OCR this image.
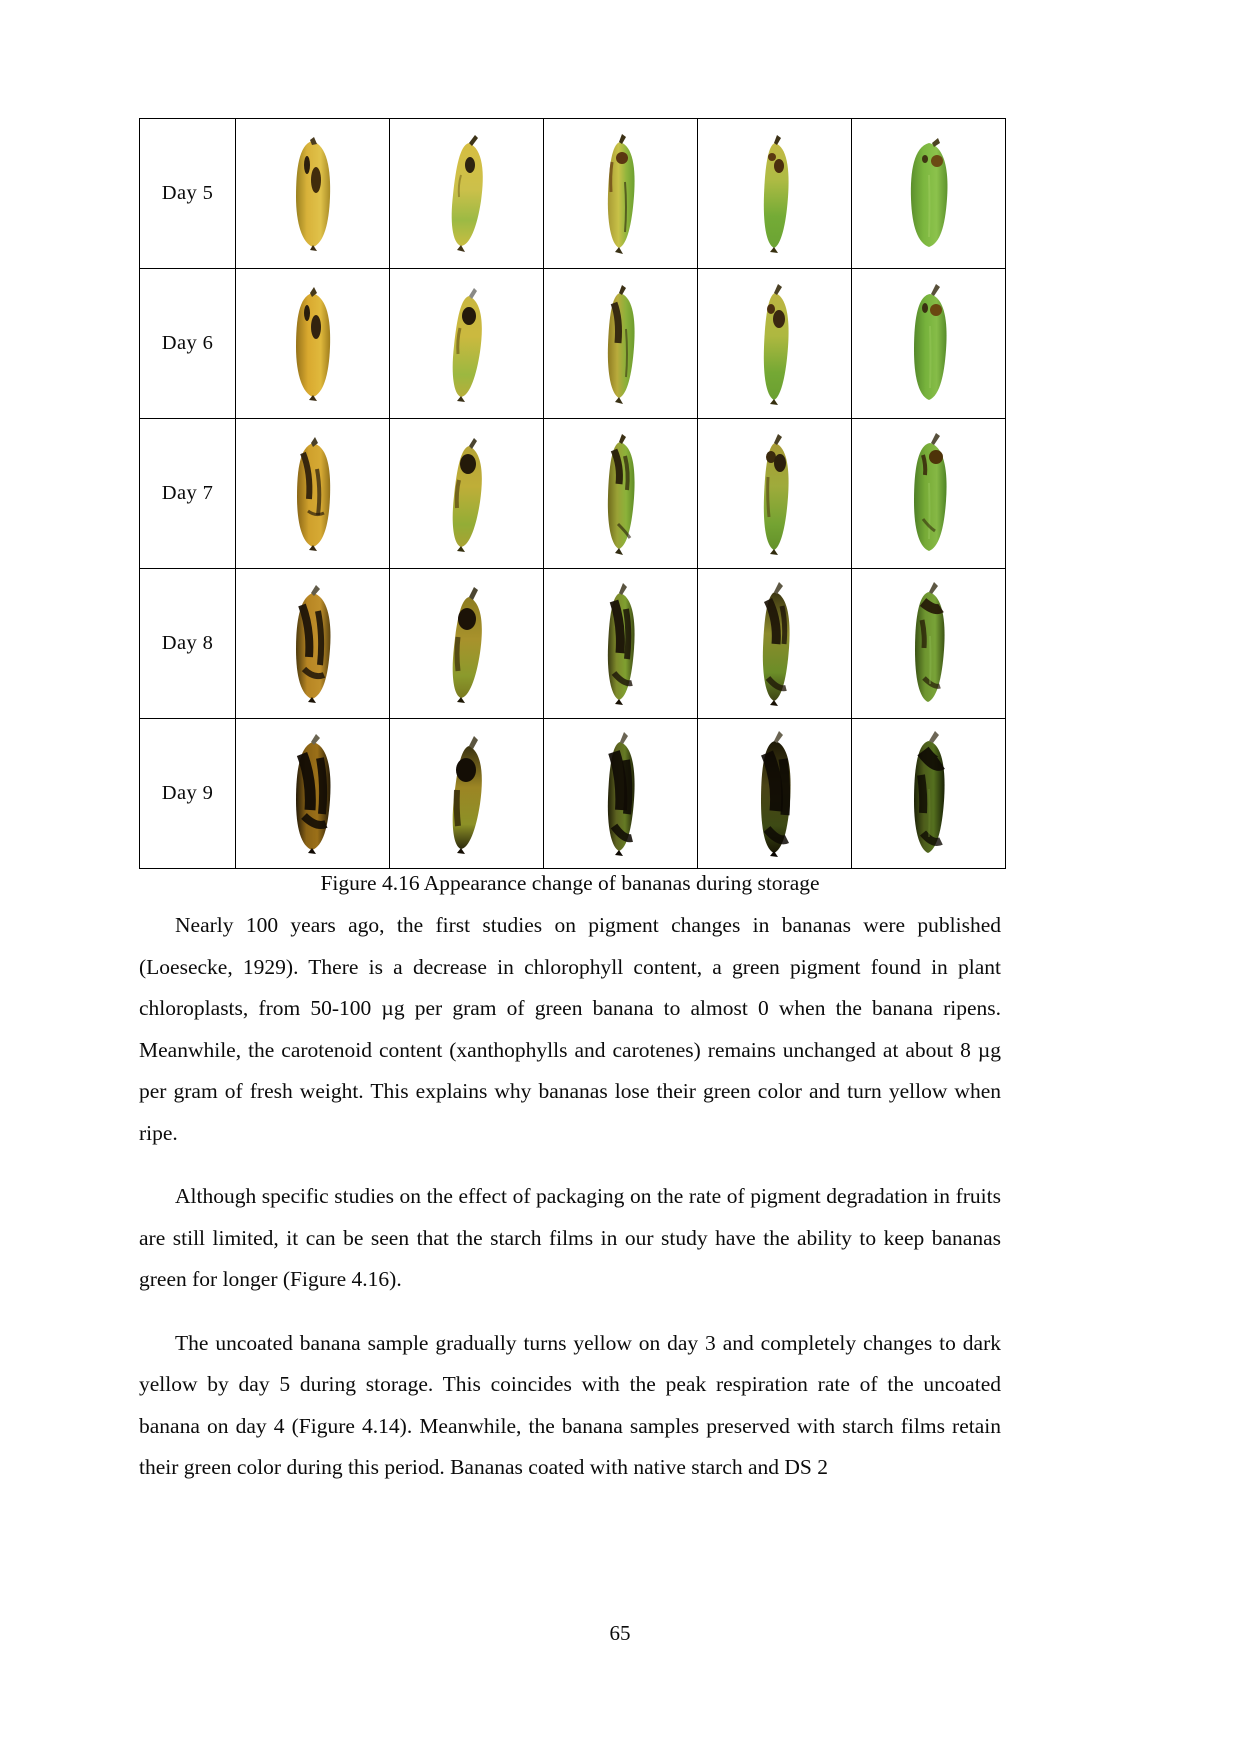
Day 5	

Day 6	

Day 7	

Day 8	

Day 9	

Figure 4.16 Appearance change of bananas during storage

Nearly 100 years ago, the first studies on pigment changes in bananas were published (Loesecke, 1929). There is a decrease in chlorophyll content, a green pigment found in plant chloroplasts, from 50-100 µg per gram of green banana to almost 0 when the banana ripens. Meanwhile, the carotenoid content (xanthophylls and carotenes) remains unchanged at about 8 µg per gram of fresh weight. This explains why bananas lose their green color and turn yellow when ripe.

Although specific studies on the effect of packaging on the rate of pigment degradation in fruits are still limited, it can be seen that the starch films in our study have the ability to keep bananas green for longer (Figure 4.16).

The uncoated banana sample gradually turns yellow on day 3 and completely changes to dark yellow by day 5 during storage. This coincides with the peak respiration rate of the uncoated banana on day 4 (Figure 4.14). Meanwhile, the banana samples preserved with starch films retain their green color during this period. Bananas coated with native starch and DS 2

65
